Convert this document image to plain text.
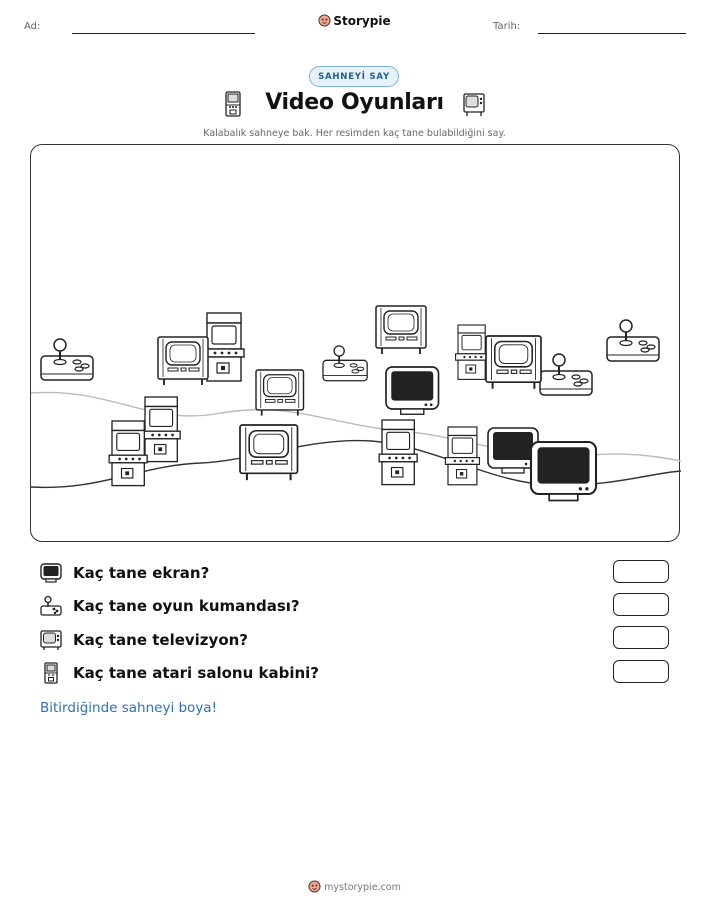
Ad:	Storypie	Tarih:
SAHNEYİ SAY
Video Oyunları
Kalabalık sahneye bak. Her resimden kaç tane bulabildiğini say.
Kaç tane ekran?
Kaç tane oyun kumandası?
Kaç tane televizyon?
Kaç tane atari salonu kabini?
Bitirdiğinde sahneyi boya!
mystorypie.com
